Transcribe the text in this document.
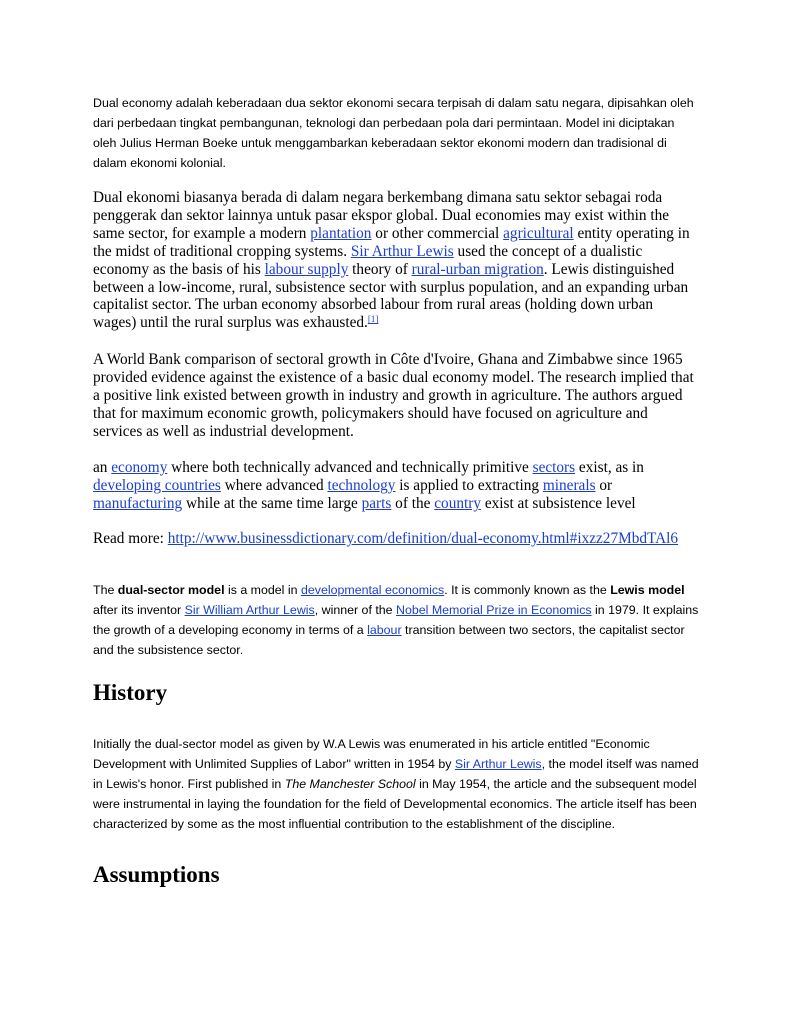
Dual economy adalah keberadaan dua sektor ekonomi secara terpisah di dalam satu negara, dipisahkan oleh dari perbedaan tingkat pembangunan, teknologi dan perbedaan pola dari permintaan. Model ini diciptakan oleh Julius Herman Boeke untuk menggambarkan keberadaan sektor ekonomi modern dan tradisional di dalam ekonomi kolonial.

Dual ekonomi biasanya berada di dalam negara berkembang dimana satu sektor sebagai roda penggerak dan sektor lainnya untuk pasar ekspor global. Dual economies may exist within the same sector, for example a modern plantation or other commercial agricultural entity operating in the midst of traditional cropping systems. Sir Arthur Lewis used the concept of a dualistic economy as the basis of his labour supply theory of rural-urban migration. Lewis distinguished between a low-income, rural, subsistence sector with surplus population, and an expanding urban capitalist sector. The urban economy absorbed labour from rural areas (holding down urban wages) until the rural surplus was exhausted.[1]

A World Bank comparison of sectoral growth in Côte d'Ivoire, Ghana and Zimbabwe since 1965 provided evidence against the existence of a basic dual economy model. The research implied that a positive link existed between growth in industry and growth in agriculture. The authors argued that for maximum economic growth, policymakers should have focused on agriculture and services as well as industrial development.

an economy where both technically advanced and technically primitive sectors exist, as in developing countries where advanced technology is applied to extracting minerals or manufacturing while at the same time large parts of the country exist at subsistence level

Read more: http://www.businessdictionary.com/definition/dual-economy.html#ixzz27MbdTAl6

The dual-sector model is a model in developmental economics. It is commonly known as the Lewis model after its inventor Sir William Arthur Lewis, winner of the Nobel Memorial Prize in Economics in 1979. It explains the growth of a developing economy in terms of a labour transition between two sectors, the capitalist sector and the subsistence sector.

History

Initially the dual-sector model as given by W.A Lewis was enumerated in his article entitled "Economic Development with Unlimited Supplies of Labor" written in 1954 by Sir Arthur Lewis, the model itself was named in Lewis's honor. First published in The Manchester School in May 1954, the article and the subsequent model were instrumental in laying the foundation for the field of Developmental economics. The article itself has been characterized by some as the most influential contribution to the establishment of the discipline.

Assumptions
